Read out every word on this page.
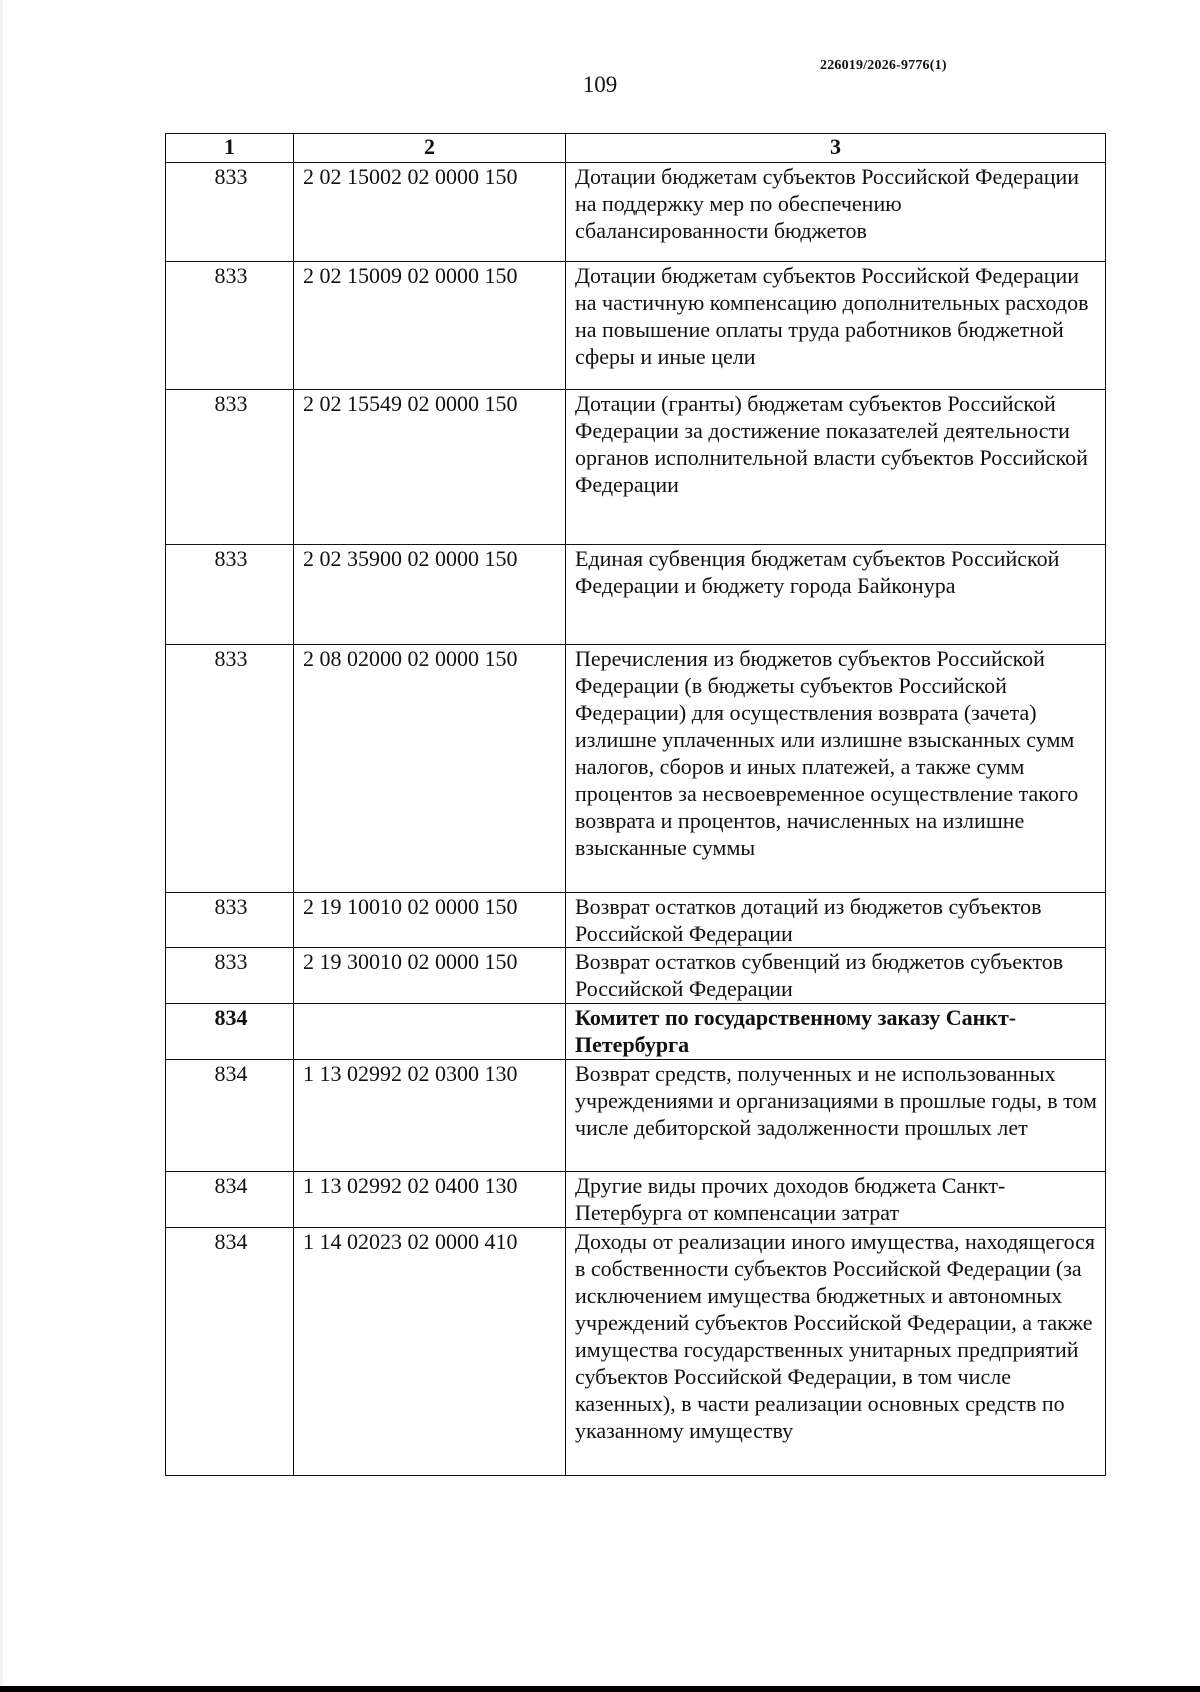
226019/2026-9776(1)
109
1	2	3
833	2 02 15002 02 0000 150	Дотации бюджетам субъектов Российской Федерации на поддержку мер по обеспечению сбалансированности бюджетов
833	2 02 15009 02 0000 150	Дотации бюджетам субъектов Российской Федерации на частичную компенсацию дополнительных расходов на повышение оплаты труда работников бюджетной сферы и иные цели
833	2 02 15549 02 0000 150	Дотации (гранты) бюджетам субъектов Российской Федерации за достижение показателей деятельности органов исполнительной власти субъектов Российской Федерации
833	2 02 35900 02 0000 150	Единая субвенция бюджетам субъектов Российской Федерации и бюджету города Байконура
833	2 08 02000 02 0000 150	Перечисления из бюджетов субъектов Российской Федерации (в бюджеты субъектов Российской Федерации) для осуществления возврата (зачета) излишне уплаченных или излишне взысканных сумм налогов, сборов и иных платежей, а также сумм процентов за несвоевременное осуществление такого возврата и процентов, начисленных на излишне взысканные суммы
833	2 19 10010 02 0000 150	Возврат остатков дотаций из бюджетов субъектов Российской Федерации
833	2 19 30010 02 0000 150	Возврат остатков субвенций из бюджетов субъектов Российской Федерации
834		Комитет по государственному заказу Санкт-Петербурга
834	1 13 02992 02 0300 130	Возврат средств, полученных и не использованных учреждениями и организациями в прошлые годы, в том числе дебиторской задолженности прошлых лет
834	1 13 02992 02 0400 130	Другие виды прочих доходов бюджета Санкт-Петербурга от компенсации затрат
834	1 14 02023 02 0000 410	Доходы от реализации иного имущества, находящегося в собственности субъектов Российской Федерации (за исключением имущества бюджетных и автономных учреждений субъектов Российской Федерации, а также имущества государственных унитарных предприятий субъектов Российской Федерации, в том числе казенных), в части реализации основных средств по указанному имуществу
